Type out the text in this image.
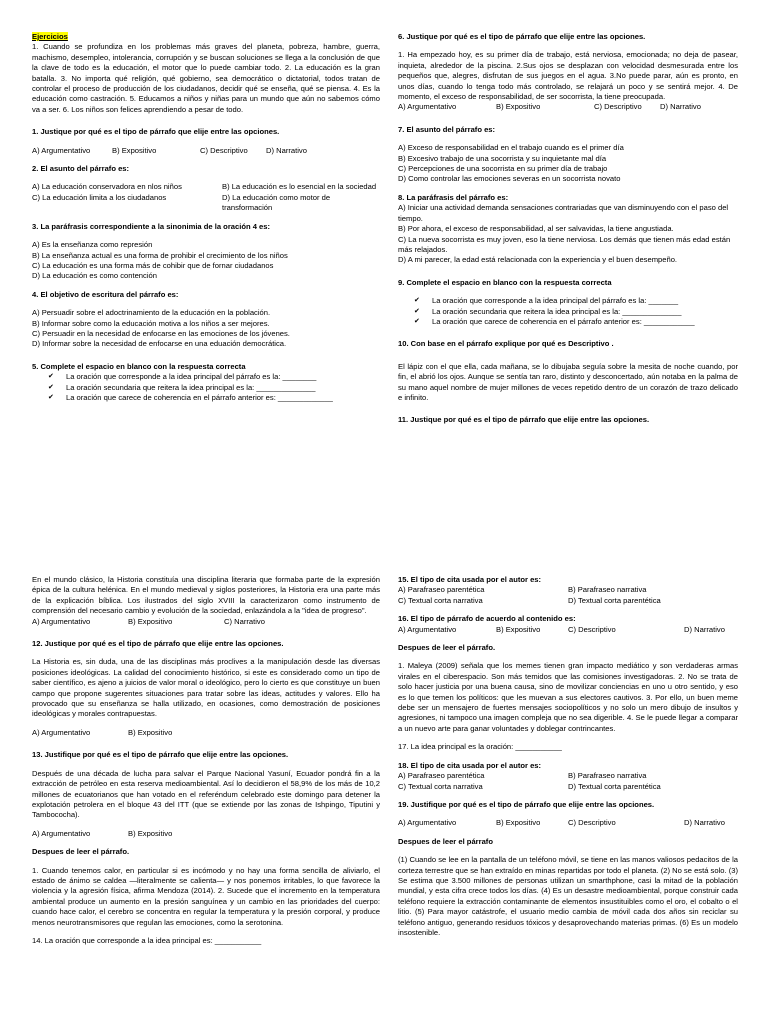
Ejercicios

1. Cuando se profundiza en los problemas más graves del planeta, pobreza, hambre, guerra, machismo, desempleo, intolerancia, corrupción y se buscan soluciones se llega a la conclusión de que la clave de todo es la educación, el motor que lo puede cambiar todo. 2. La educación es la gran batalla. 3. No importa qué religión, qué gobierno, sea democrático o dictatorial, todos tratan de controlar el proceso de producción de los ciudadanos, decidir qué se enseña, qué se piensa. 4. Es la educación como castración. 5. Educamos a niños y niñas para un mundo que aún no sabemos cómo va a ser. 6. Los niños son felices aprendiendo a pesar de todo.

1. Justique por qué es el tipo de párrafo que elije entre las opciones.

A) Argumentativo	B) Expositivo	C) Descriptivo	D) Narrativo

2. El asunto del párrafo es:

A) La educación conservadora en nlos niños	B) La educación es lo esencial en la sociedad
C) La educación limita a los ciudadanos	D) La educación como motor de transformación

3. La paráfrasis correspondiente a la sinonimia de la oración 4 es:

A) Es la enseñanza como represión

B) La enseñanza actual es una forma de prohibir el crecimiento de los niños

C) La educación es una forma más de cohibir que de fornar ciudadanos

D) La educación es como contención

4. El objetivo de escritura del párrafo es:

A) Persuadir sobre el adoctrinamiento de la educación en la población.

B) Informar sobre como la educación motiva a los niños a ser mejores.

C) Persuadir en la necesidad de enfocarse en las emociones de los jóvenes.

D) Informar sobre la necesidad de enfocarse en una eduación democrática.

5. Complete el espacio en blanco con la respuesta correcta

✔ La oración que corresponde a la idea principal del párrafo es la: ________
✔ La oración secundaria que reitera la idea principal es la: ______________
✔ La oración que carece de coherencia en el párrafo anterior es: _____________

6. Justique por qué es el tipo de párrafo que elije entre las opciones.

1. Ha empezado hoy, es su primer día de trabajo, está nerviosa, emocionada; no deja de pasear, inquieta, alrededor de la piscina. 2.Sus ojos se desplazan con velocidad desmesurada entre los pequeños que, alegres, disfrutan de sus juegos en el agua. 3.No puede parar, aún es pronto, en unos días, cuando lo tenga todo más controlado, se relajará un poco y se sentirá mejor. 4. De momento, el exceso de responsabilidad, de ser socorrista, la tiene preocupada.

A) Argumentativo	B) Expositivo	C) Descriptivo	D) Narrativo

7. El asunto del párrafo es:

A) Exceso de responsabilidad en el trabajo cuando es el primer día

B) Excesivo trabajo de una socorrista y su inquietante mal día

C) Percepciones de una socorrista en su primer día de trabajo

D) Como controlar las emociones severas en un socorrista novato

8. La paráfrasis del párrafo es:

A) Iniciar una actividad demanda sensaciones contrariadas que van disminuyendo con el paso del tiempo.

B) Por ahora, el exceso de responsabilidad, al ser salvavidas, la tiene angustiada.

C) La nueva socorrista es muy joven, eso la tiene nerviosa. Los demás que tienen más edad están más relajados.

D) A mi parecer, la edad está relacionada con la experiencia y el buen desempeño.

9. Complete el espacio en blanco con la respuesta correcta

✔ La oración que corresponde a la idea principal del párrafo es la: _______
✔ La oración secundaria que reitera la idea principal es la: ______________
✔ La oración que carece de coherencia en el párrafo anterior es: ____________

10. Con base en el párrafo explique por qué es Descriptivo .

El lápiz con el que ella, cada mañana, se lo dibujaba seguía sobre la mesita de noche cuando, por fin, el abrió los ojos. Aunque se sentía tan raro, distinto y desconcertado, aún notaba en la palma de su mano aquel nombre de mujer millones de veces repetido dentro de un corazón de trazo delicado e infinito.

11. Justique por qué es el tipo de párrafo que elije entre las opciones.

En el mundo clásico, la Historia constituía una disciplina literaria que formaba parte de la expresión épica de la cultura helénica. En el mundo medieval y siglos posteriores, la Historia era una parte más de la explicación bíblica. Los ilustrados del siglo XVIII la caracterizaron como instrumento de comprensión del necesario cambio y evolución de la sociedad, enlazándola a la "idea de progreso".

A) Argumentativo	B) Expositivo	C) Narrativo

12. Justique por qué es el tipo de párrafo que elije entre las opciones.

La Historia es, sin duda, una de las disciplinas más proclives a la manipulación desde las diversas posiciones ideológicas. La calidad del conocimiento histórico, si este es considerado como un tipo de saber científico, es ajeno a juicios de valor moral o ideológico, pero lo cierto es que constituye un buen campo que propone sugerentes situaciones para tratar sobre las ideas, actitudes y valores. Ello ha provocado que su enseñanza se halla utilizado, en ocasiones, como demostración de posiciones ideológicas y morales contrapuestas.

A) Argumentativo	B) Expositivo

13. Justifique por qué es el tipo de párrafo que elije entre las opciones.

Después de una década de lucha para salvar el Parque Nacional Yasuní, Ecuador pondrá fin a la extracción de petróleo en esta reserva medioambiental. Así lo decidieron el 58,9% de los más de 10,2 millones de ecuatorianos que han votado en el referéndum celebrado este domingo para detener la explotación petrolera en el bloque 43 del ITT (que se extiende por las zonas de Ishpingo, Tiputini y Tambococha).

A) Argumentativo	B) Expositivo

Despues de leer el párrafo.

1. Cuando tenemos calor, en particular si es incómodo y no hay una forma sencilla de aliviarlo, el estado de ánimo se caldea —literalmente se calienta— y nos ponemos irritables, lo que favorece la violencia y la agresión física, afirma Mendoza (2014). 2. Sucede que el incremento en la temperatura ambiental produce un aumento en la presión sanguínea y un cambio en las prioridades del cuerpo: cuando hace calor, el cerebro se concentra en regular la temperatura y la presión corporal, y produce menos neurotransmisores que regulan las emociones, como la serotonina.

14. La oración que corresponde a la idea principal es: ___________

15. El tipo de cita usada por el autor es:

A) Parafraseo parentética	B) Parafraseo narrativa
C) Textual corta narrativa	D) Textual corta parentética

16. El tipo de párrafo de acuerdo al contenido es:

A) Argumentativo	B) Expositivo	C) Descriptivo	D) Narrativo

Despues de leer el párrafo.

1. Maleya (2009) señala que los memes tienen gran impacto mediático y son verdaderas armas virales en el ciberespacio. Son más temidos que las comisiones investigadoras. 2. No se trata de solo hacer justicia por una buena causa, sino de movilizar conciencias en uno u otro sentido, y eso es lo que temen los políticos: que les muevan a sus electores cautivos. 3. Por ello, un buen meme debe ser un mensajero de fuertes mensajes sociopolíticos y no solo un mero dibujo de insultos y agresiones, ni tampoco una imagen compleja que no sea digerible. 4. Se le puede llegar a comparar a un nuevo arte para ganar voluntades y doblegar contrincantes.

17. La idea principal es la oración: ___________

18. El tipo de cita usada por el autor es:

A) Parafraseo parentética	B) Parafraseo narrativa
C) Textual corta narrativa	D) Textual corta parentética

19. Justifique por qué es el tipo de párrafo que elije entre las opciones.

A) Argumentativo	B) Expositivo	C) Descriptivo	D) Narrativo

Despues de leer el párrafo

(1) Cuando se lee en la pantalla de un teléfono móvil, se tiene en las manos valiosos pedacitos de la corteza terrestre que se han extraído en minas repartidas por todo el planeta. (2) No se está solo. (3) Se estima que 3.500 millones de personas utilizan un smarthphone, casi la mitad de la población mundial, y esta cifra crece todos los días. (4) Es un desastre medioambiental, porque construir cada teléfono requiere la extracción contaminante de elementos insustituibles como el oro, el cobalto o el litio. (5) Para mayor catástrofe, el usuario medio cambia de móvil cada dos años sin reciclar su teléfono antiguo, generando residuos tóxicos y desaprovechando materias primas. (6) Es un modelo insostenible.
